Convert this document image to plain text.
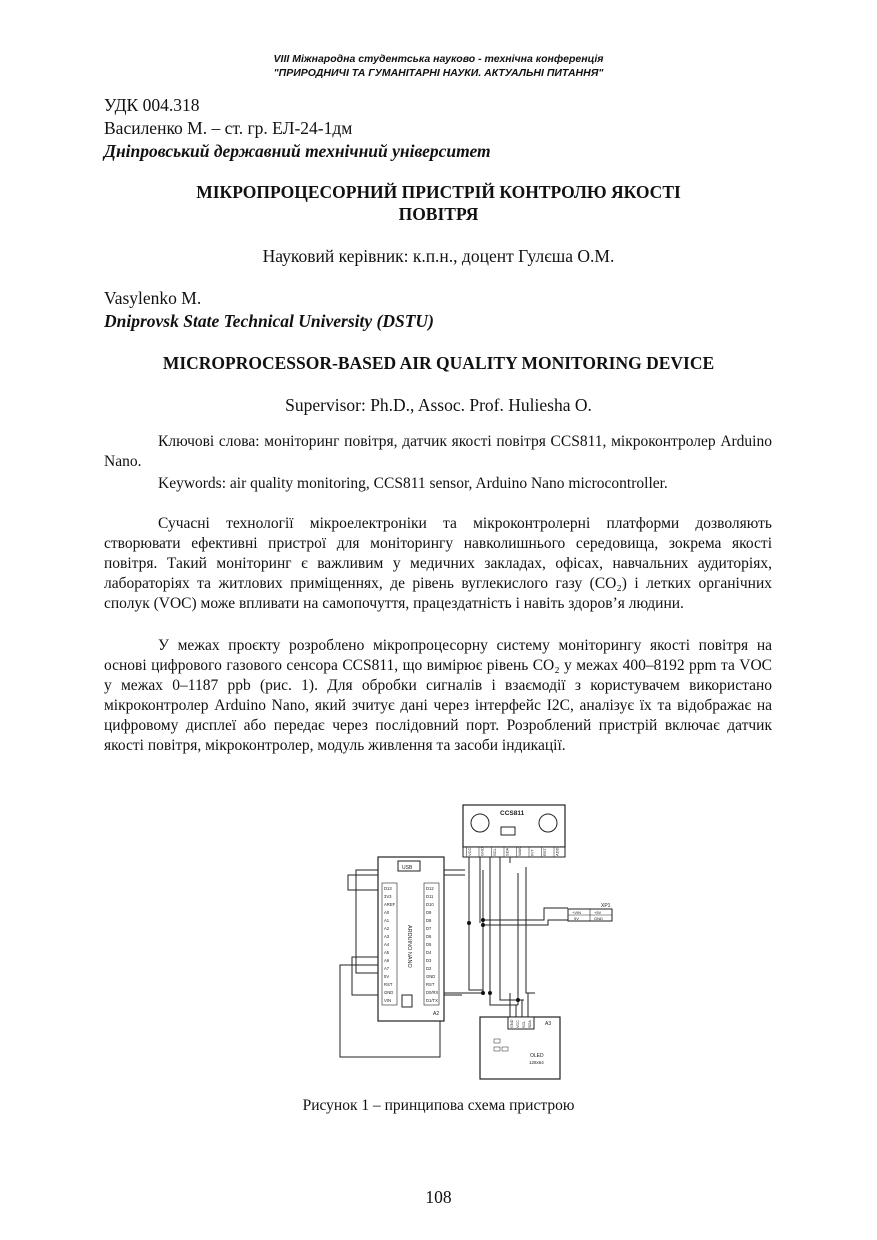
VIII Міжнародна студентська науково - технічна конференція
"ПРИРОДНИЧІ ТА ГУМАНІТАРНІ НАУКИ. АКТУАЛЬНІ ПИТАННЯ"
УДК 004.318
Василенко М. – ст. гр. ЕЛ-24-1дм
Дніпровський державний технічний університет
МІКРОПРОЦЕСОРНИЙ ПРИСТРІЙ КОНТРОЛЮ ЯКОСТІ
ПОВІТРЯ
Науковий керівник: к.п.н., доцент Гулєша О.М.
Vasylenko M.
Dniprovsk State Technical University (DSTU)
MICROPROCESSOR-BASED AIR QUALITY MONITORING DEVICE
Supervisor: Ph.D., Assoc. Prof. Huliesha O.

Ключові слова: моніторинг повітря, датчик якості повітря CCS811, мікроконтролер Arduino Nano.

Keywords: air quality monitoring, CCS811 sensor, Arduino Nano microcontroller.

Сучасні технології мікроелектроніки та мікроконтролерні платформи дозволяють створювати ефективні пристрої для моніторингу навколишнього середовища, зокрема якості повітря. Такий моніторинг є важливим у медичних закладах, офісах, навчальних аудиторіях, лабораторіях та житлових приміщеннях, де рівень вуглекислого газу (CO₂) і летких органічних сполук (VOC) може впливати на самопочуття, працездатність і навіть здоров’я людини.

У межах проєкту розроблено мікропроцесорну систему моніторингу якості повітря на основі цифрового газового сенсора CCS811, що вимірює рівень CO₂ у межах 400–8192 ppm та VOC у межах 0–1187 ppb (рис. 1). Для обробки сигналів і взаємодії з користувачем використано мікроконтролер Arduino Nano, який зчитує дані через інтерфейс I2C, аналізує їх та відображає на цифровому дисплеї або передає через послідовний порт. Розроблений пристрій включає датчик якості повітря, мікроконтролер, модуль живлення та засоби індикації.

CCS811
VCC GND SCL SDA WAK INT RST ADD
USB
D13
3V3
AREF
A0
A1
A2
A3
A4
A5
A6
A7
5V
RST
GND
VIN
D12
D11
D10
D9
D8
D7
D6
D5
D4
D3
D2
GND
RST
D0/RX
D1/TX
ARDUINO NANO
A2
XP1
+VIN	+5V
5V	GND
GND VCC SCL SDA	A3
OLED
128x64
Рисунок 1 – принципова схема пристрою
108
